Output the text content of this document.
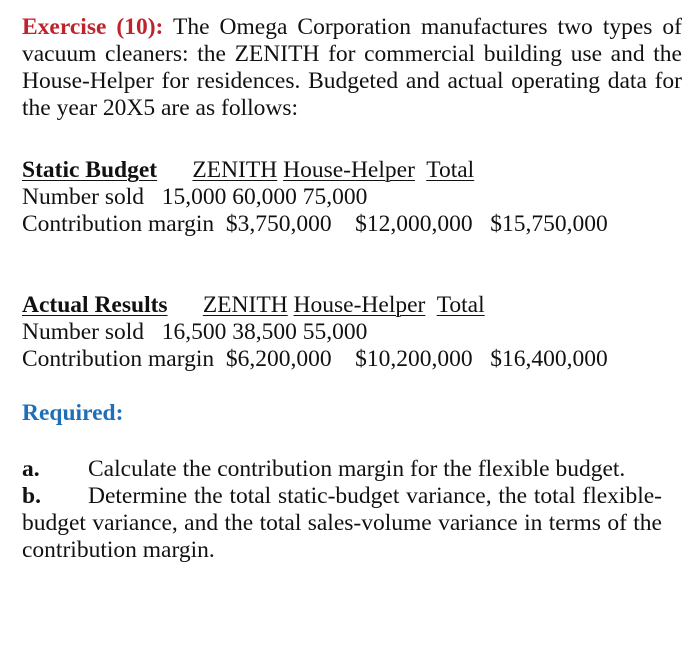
Exercise (10): The Omega Corporation manufactures two types of vacuum cleaners: the ZENITH for commercial building use and the House-Helper for residences. Budgeted and actual operating data for the year 20X5 are as follows:

Static Budget ZENITH House-Helper Total

Number sold 15,000 60,000 75,000

Contribution margin $3,750,000 $12,000,000 $15,750,000

Actual Results ZENITH House-Helper Total

Number sold 16,500 38,500 55,000

Contribution margin $6,200,000 $10,200,000 $16,400,000

Required:
a. Calculate the contribution margin for the flexible budget.
b. Determine the total static-budget variance, the total flexible-budget variance, and the total sales-volume variance in terms of the contribution margin.
